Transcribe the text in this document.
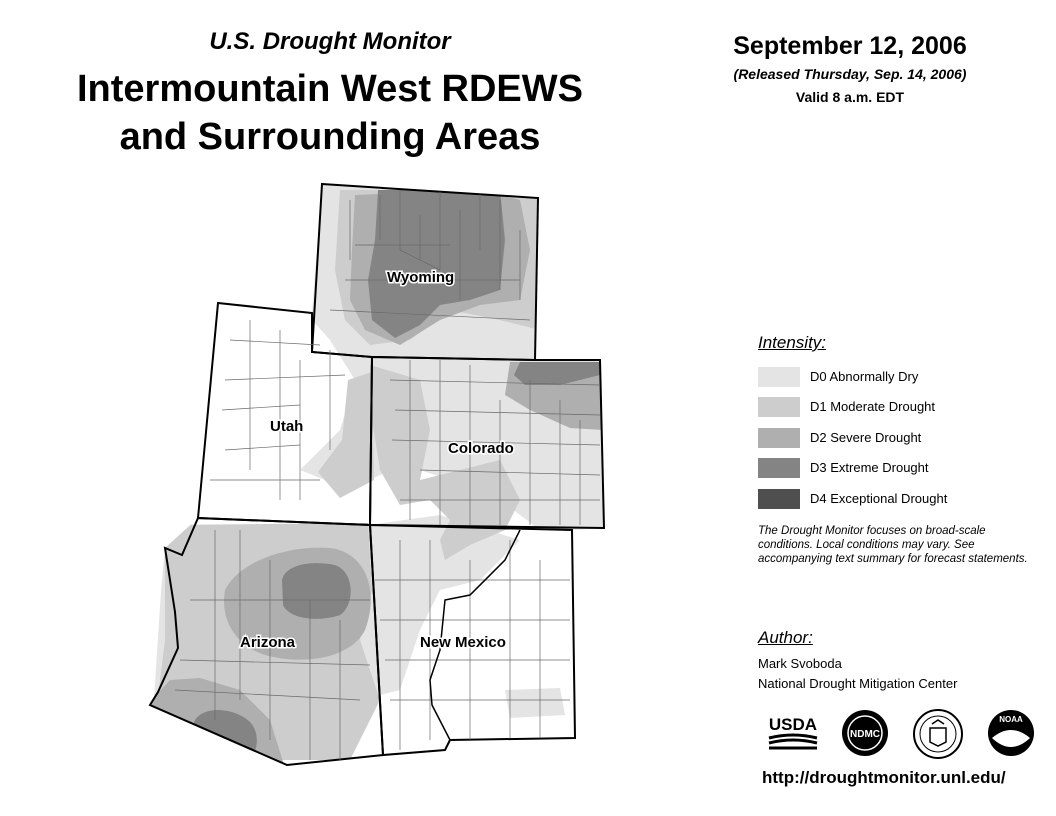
U.S. Drought Monitor
Intermountain West RDEWS
and Surrounding Areas
September 12, 2006
(Released Thursday, Sep. 14, 2006)
Valid 8 a.m. EDT
Wyoming
Utah
Colorado
Arizona	New Mexico
Intensity:
D0 Abnormally Dry
D1 Moderate Drought
D2 Severe Drought
D3 Extreme Drought
D4 Exceptional Drought
The Drought Monitor focuses on broad-scale conditions. Local conditions may vary. See accompanying text summary for forecast statements.
Author:
Mark Svoboda
National Drought Mitigation Center
USDA
NDMC
NOAA
http://droughtmonitor.unl.edu/
